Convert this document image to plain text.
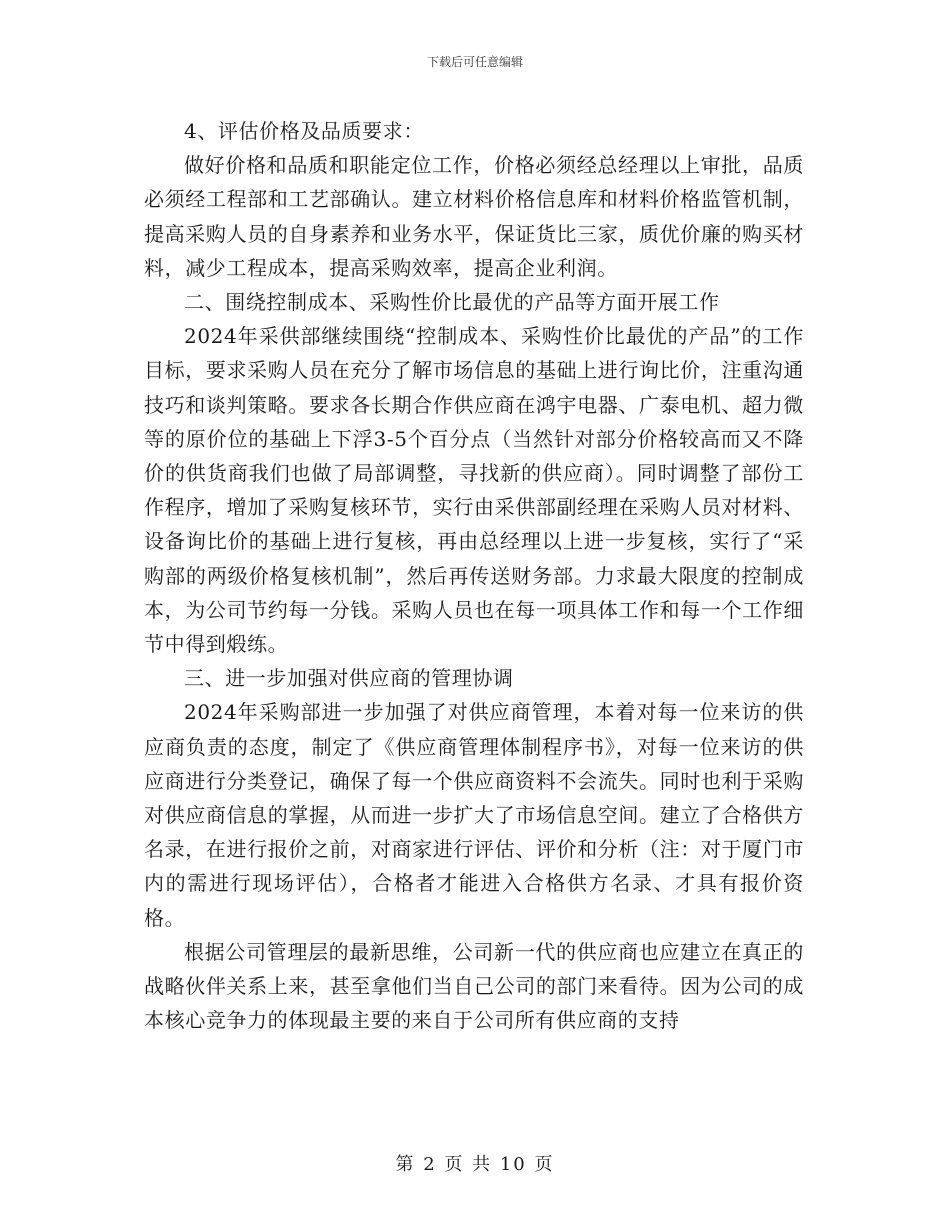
下载后可任意编辑

4、评估价格及品质要求：

做好价格和品质和职能定位工作，价格必须经总经理以上审批，品质必须经工程部和工艺部确认。建立材料价格信息库和材料价格监管机制，提高采购人员的自身素养和业务水平，保证货比三家，质优价廉的购买材料，减少工程成本，提高采购效率，提高企业利润。

二、围绕控制成本、采购性价比最优的产品等方面开展工作

2024年采供部继续围绕“控制成本、采购性价比最优的产品”的工作目标，要求采购人员在充分了解市场信息的基础上进行询比价，注重沟通技巧和谈判策略。要求各长期合作供应商在鸿宇电器、广泰电机、超力微等的原价位的基础上下浮3-5个百分点（当然针对部分价格较高而又不降价的供货商我们也做了局部调整，寻找新的供应商）。同时调整了部份工作程序，增加了采购复核环节，实行由采供部副经理在采购人员对材料、设备询比价的基础上进行复核，再由总经理以上进一步复核，实行了“采购部的两级价格复核机制”，然后再传送财务部。力求最大限度的控制成本，为公司节约每一分钱。采购人员也在每一项具体工作和每一个工作细节中得到煅练。

三、进一步加强对供应商的管理协调

2024年采购部进一步加强了对供应商管理，本着对每一位来访的供应商负责的态度，制定了《供应商管理体制程序书》，对每一位来访的供应商进行分类登记，确保了每一个供应商资料不会流失。同时也利于采购对供应商信息的掌握，从而进一步扩大了市场信息空间。建立了合格供方名录，在进行报价之前，对商家进行评估、评价和分析（注：对于厦门市内的需进行现场评估），合格者才能进入合格供方名录、才具有报价资格。

根据公司管理层的最新思维，公司新一代的供应商也应建立在真正的战略伙伴关系上来，甚至拿他们当自己公司的部门来看待。因为公司的成本核心竞争力的体现最主要的来自于公司所有供应商的支持

第 2 页 共 10 页
